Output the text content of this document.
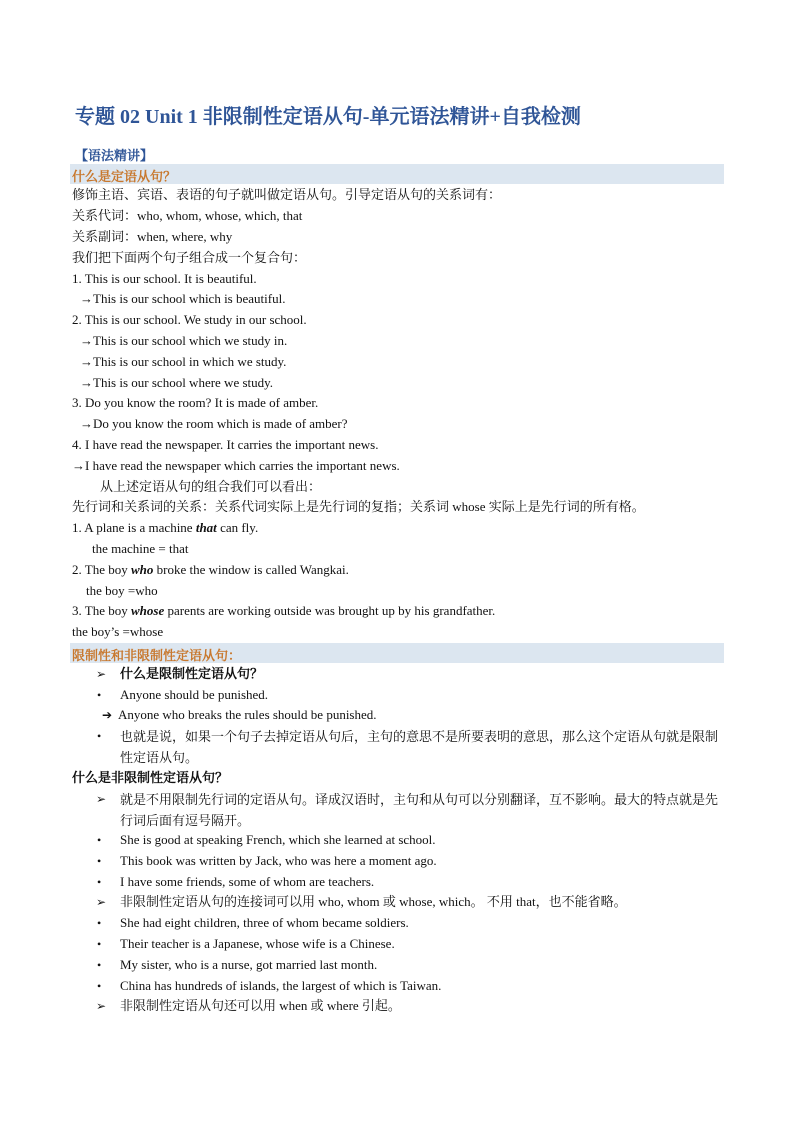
专题 02 Unit 1 非限制性定语从句-单元语法精讲+自我检测
【语法精讲】
什么是定语从句？
修饰主语、宾语、表语的句子就叫做定语从句。引导定语从句的关系词有：
关系代词：who, whom, whose, which, that
关系副词：when, where, why
我们把下面两个句子组合成一个复合句：
1. This is our school. It is beautiful.
→This is our school which is beautiful.
2. This is our school. We study in our school.
→This is our school which we study in.
→This is our school in which we study.
→This is our school where we study.
3. Do you know the room? It is made of amber.
→Do you know the room which is made of amber?
4. I have read the newspaper. It carries the important news.
→I have read the newspaper which carries the important news.
从上述定语从句的组合我们可以看出：
先行词和关系词的关系：关系代词实际上是先行词的复指；关系词 whose 实际上是先行词的所有格。
1. A plane is a machine that can fly.
the machine = that
2. The boy who broke the window is called Wangkai.
the boy =who
3. The boy whose parents are working outside was brought up by his grandfather.
the boy’s =whose
限制性和非限制性定语从句：
➢ 什么是限制性定语从句？
• Anyone should be punished.
➔ Anyone who breaks the rules should be punished.
• 也就是说，如果一个句子去掉定语从句后，主句的意思不是所要表明的意思，那么这个定语从句就是限制性定语从句。
什么是非限制性定语从句？
➢ 就是不用限制先行词的定语从句。译成汉语时，主句和从句可以分别翻译，互不影响。最大的特点就是先行词后面有逗号隔开。
• She is good at speaking French, which she learned at school.
• This book was written by Jack, who was here a moment ago.
• I have some friends, some of whom are teachers.
➢ 非限制性定语从句的连接词可以用 who, whom 或 whose, which。 不用 that，也不能省略。
• She had eight children, three of whom became soldiers.
• Their teacher is a Japanese, whose wife is a Chinese.
• My sister, who is a nurse, got married last month.
• China has hundreds of islands, the largest of which is Taiwan.
➢ 非限制性定语从句还可以用 when 或 where 引起。
